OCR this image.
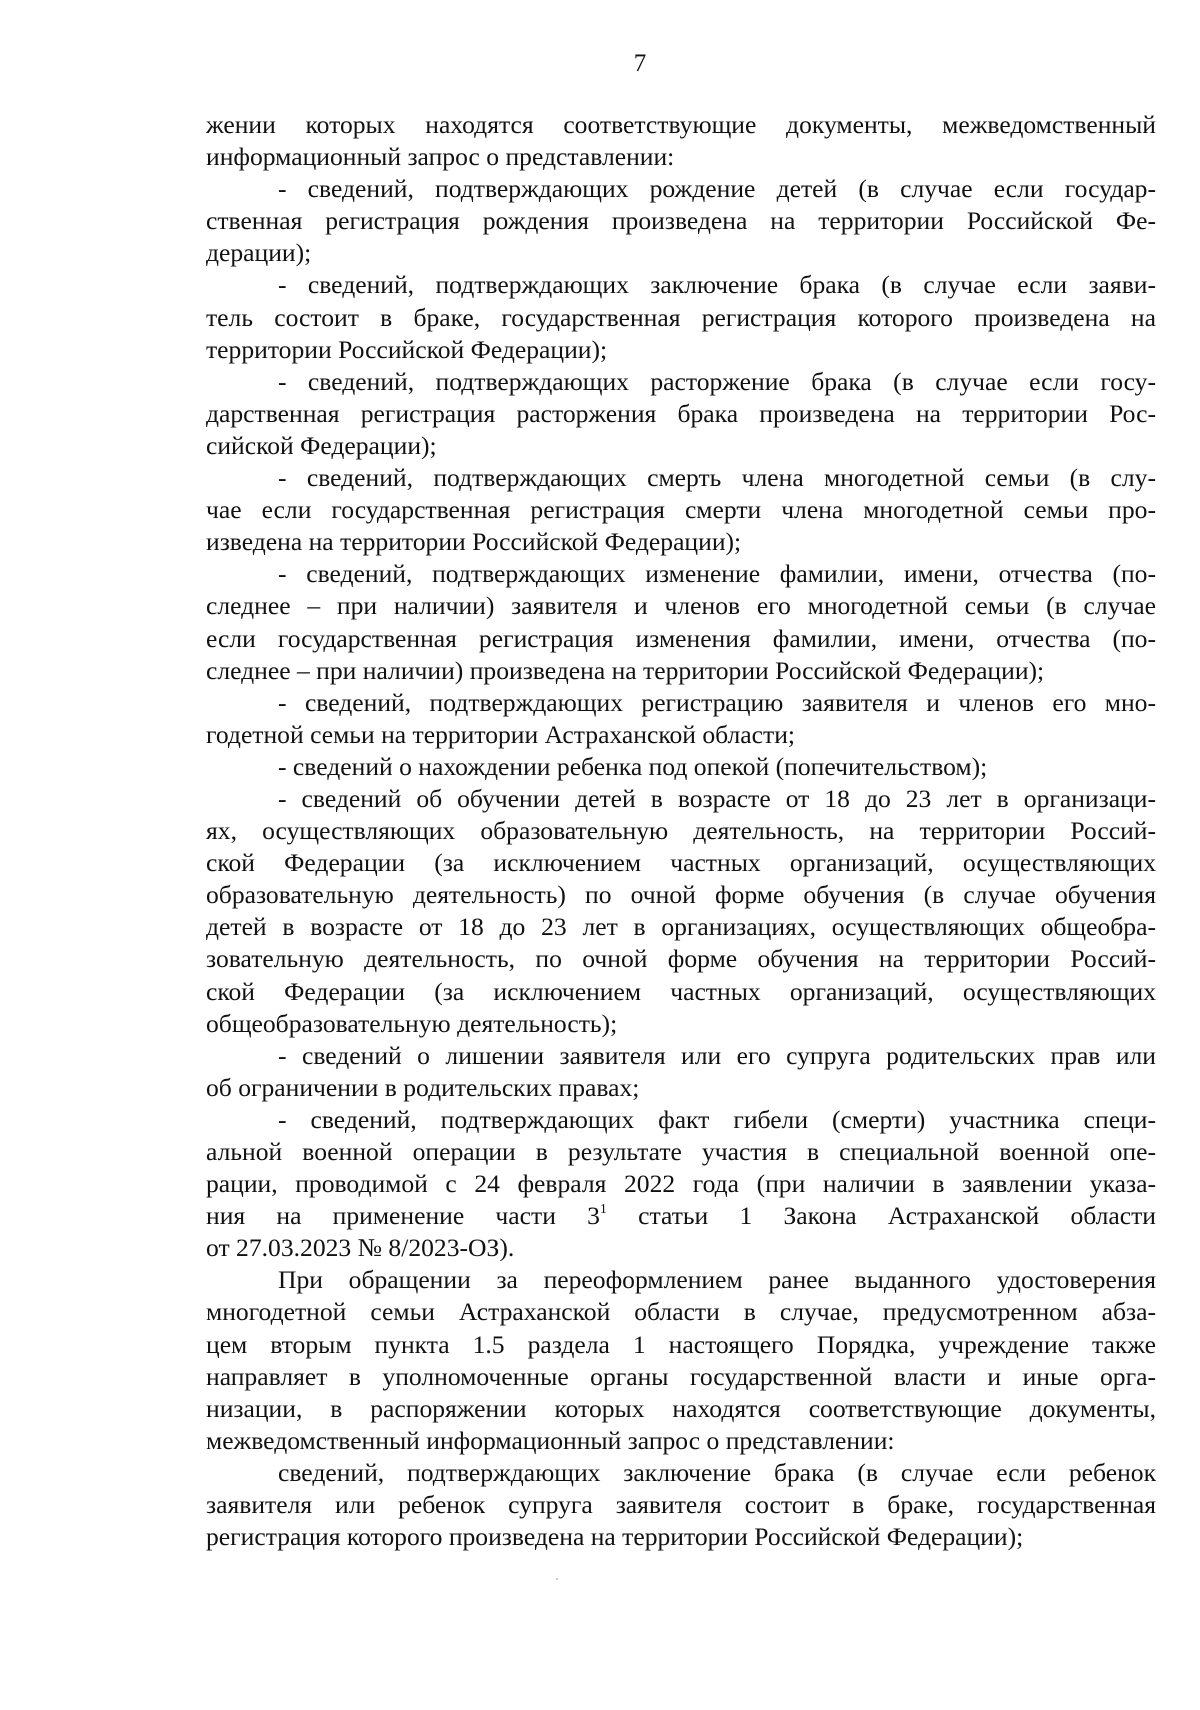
7
жении которых находятся соответствующие документы, межведомственный
информационный запрос о представлении:
- сведений, подтверждающих рождение детей (в случае если государ-
ственная регистрация рождения произведена на территории Российской Фе-
дерации);
- сведений, подтверждающих заключение брака (в случае если заяви-
тель состоит в браке, государственная регистрация которого произведена на
территории Российской Федерации);
- сведений, подтверждающих расторжение брака (в случае если госу-
дарственная регистрация расторжения брака произведена на территории Рос-
сийской Федерации);
- сведений, подтверждающих смерть члена многодетной семьи (в слу-
чае если государственная регистрация смерти члена многодетной семьи про-
изведена на территории Российской Федерации);
- сведений, подтверждающих изменение фамилии, имени, отчества (по-
следнее – при наличии) заявителя и членов его многодетной семьи (в случае
если государственная регистрация изменения фамилии, имени, отчества (по-
следнее – при наличии) произведена на территории Российской Федерации);
- сведений, подтверждающих регистрацию заявителя и членов его мно-
годетной семьи на территории Астраханской области;
- сведений о нахождении ребенка под опекой (попечительством);
- сведений об обучении детей в возрасте от 18 до 23 лет в организаци-
ях, осуществляющих образовательную деятельность, на территории Россий-
ской Федерации (за исключением частных организаций, осуществляющих
образовательную деятельность) по очной форме обучения (в случае обучения
детей в возрасте от 18 до 23 лет в организациях, осуществляющих общеобра-
зовательную деятельность, по очной форме обучения на территории Россий-
ской Федерации (за исключением частных организаций, осуществляющих
общеобразовательную деятельность);
- сведений о лишении заявителя или его супруга родительских прав или
об ограничении в родительских правах;
- сведений, подтверждающих факт гибели (смерти) участника специ-
альной военной операции в результате участия в специальной военной опе-
рации, проводимой с 24 февраля 2022 года (при наличии в заявлении указа-
ния на применение части $3^1$ статьи 1 Закона Астраханской области
от 27.03.2023 № 8/2023-ОЗ).
При обращении за переоформлением ранее выданного удостоверения
многодетной семьи Астраханской области в случае, предусмотренном абза-
цем вторым пункта 1.5 раздела 1 настоящего Порядка, учреждение также
направляет в уполномоченные органы государственной власти и иные орга-
низации, в распоряжении которых находятся соответствующие документы,
межведомственный информационный запрос о представлении:
сведений, подтверждающих заключение брака (в случае если ребенок
заявителя или ребенок супруга заявителя состоит в браке, государственная
регистрация которого произведена на территории Российской Федерации);
